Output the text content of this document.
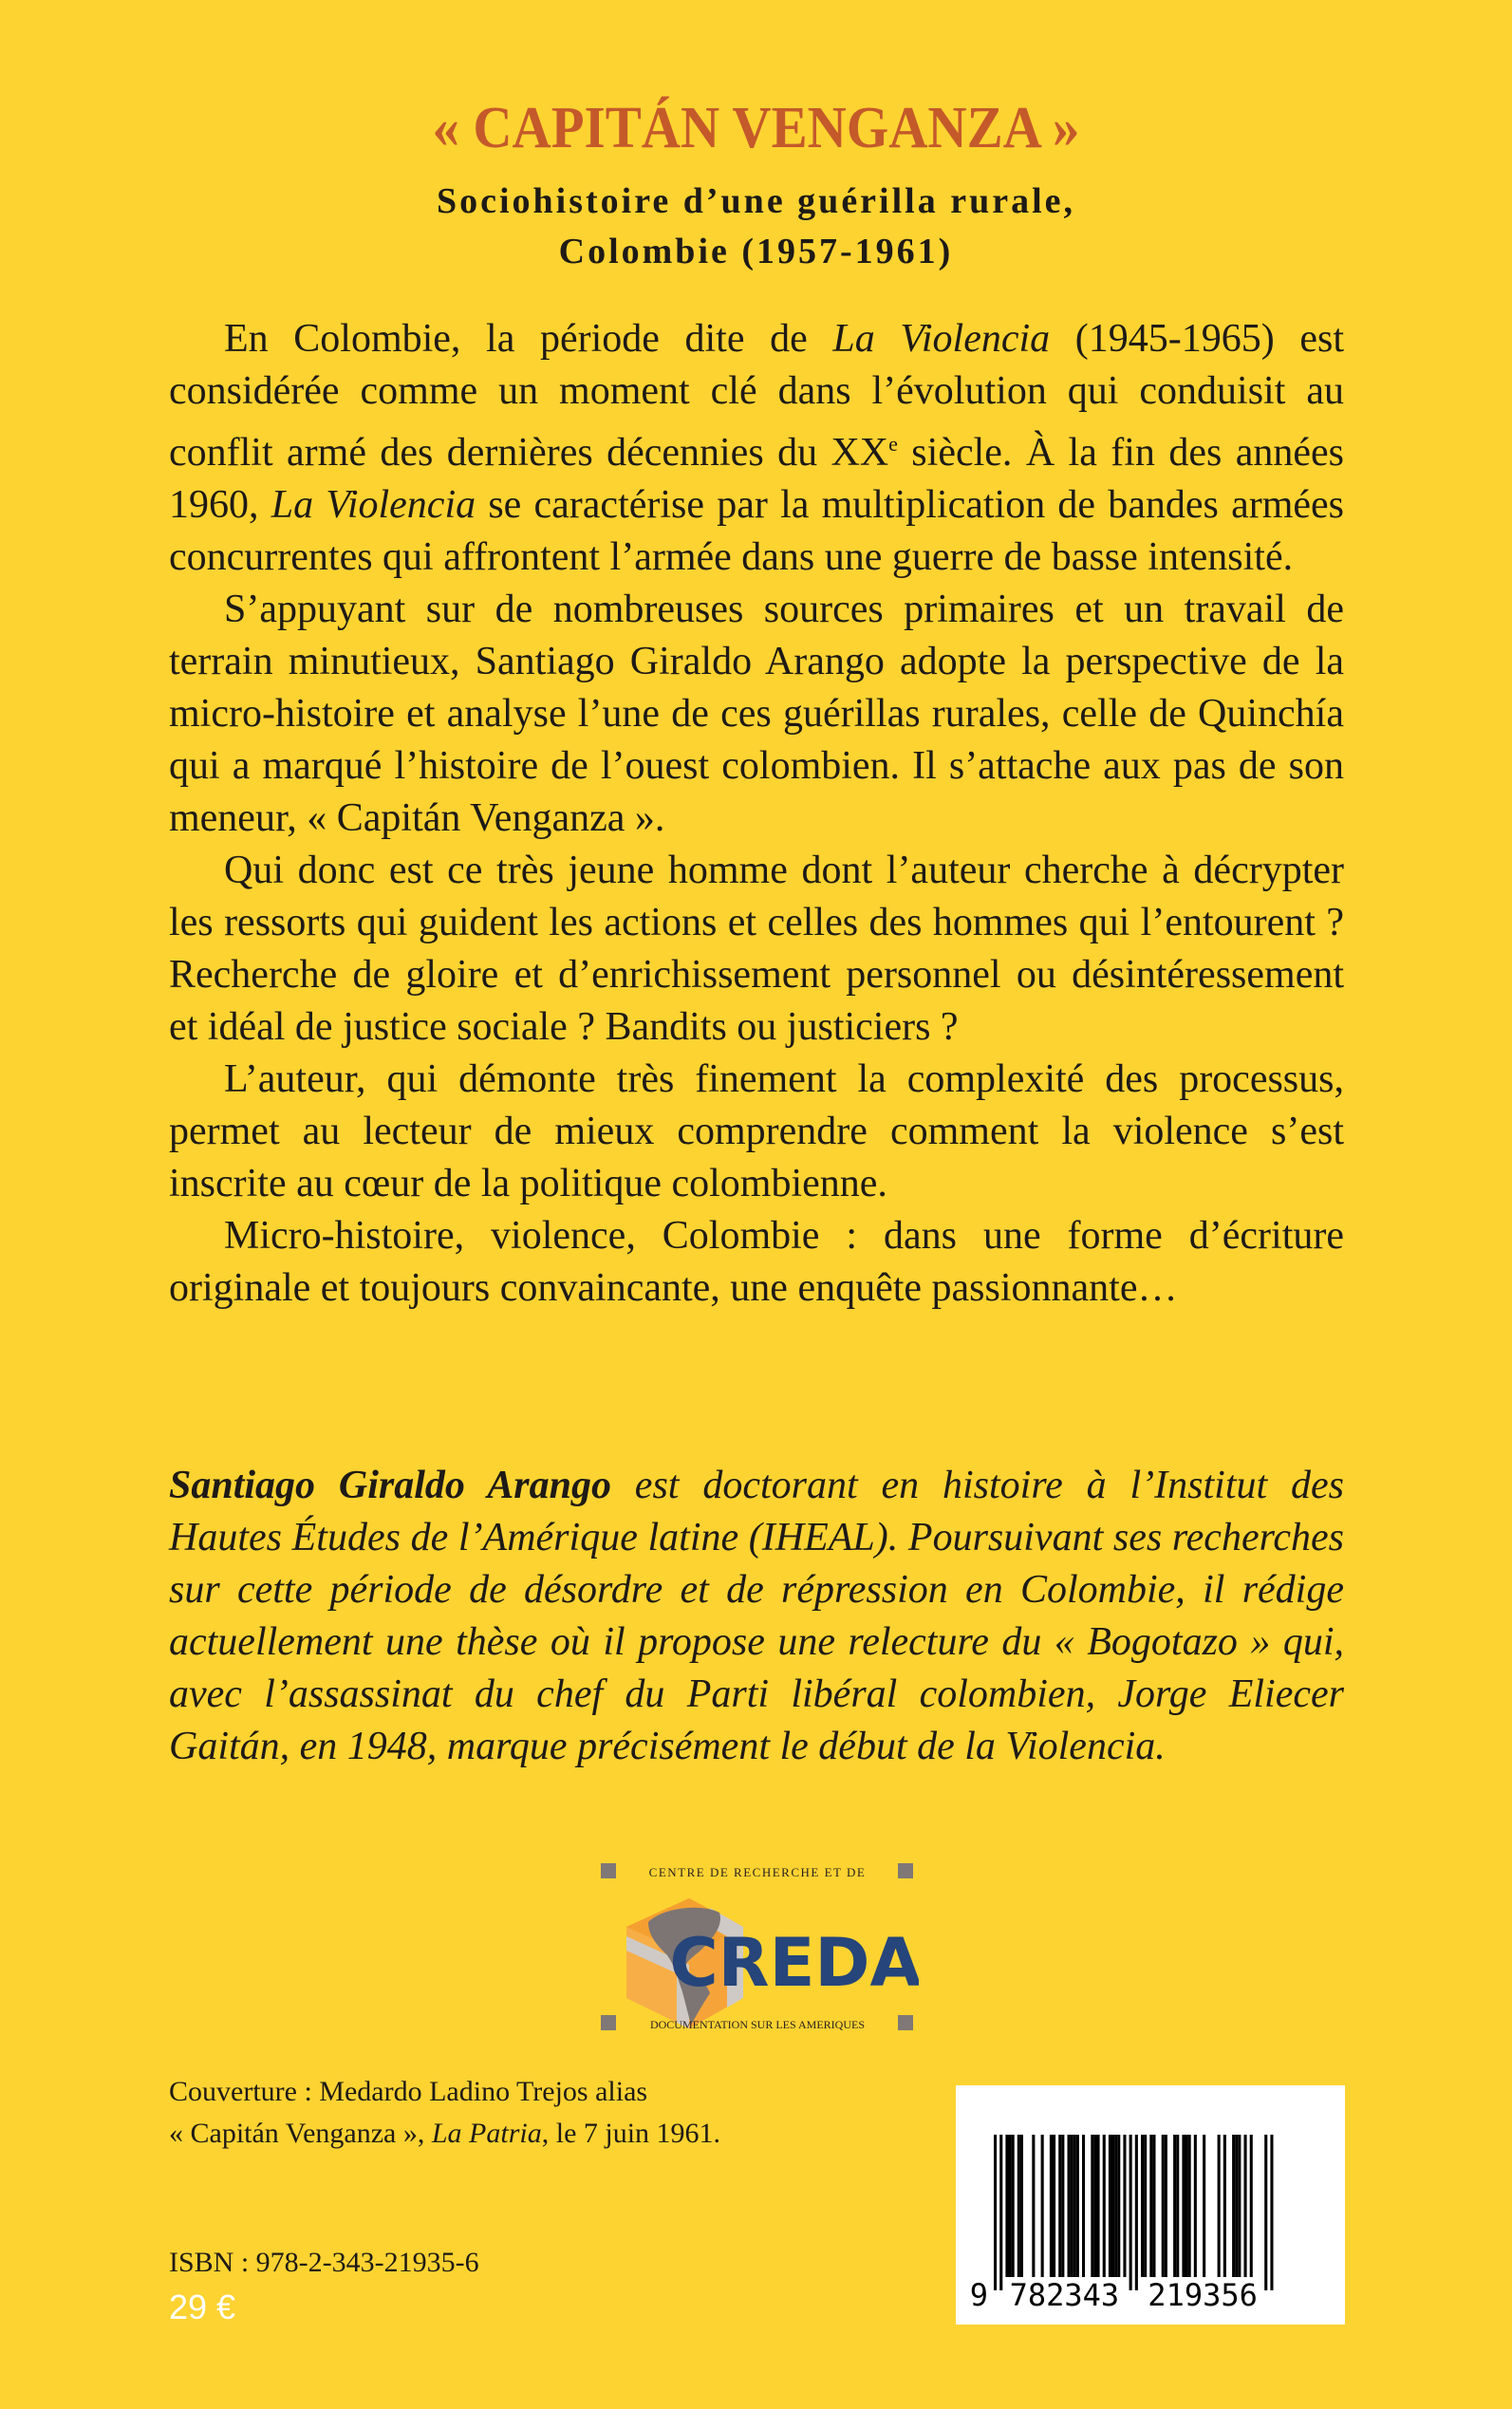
« CAPITÁN VENGANZA »
Sociohistoire d’une guérilla rurale,
Colombie (1957-1961)

En Colombie, la période dite de La Violencia (1945-1965) est considérée comme un moment clé dans l’évolution qui conduisit au conflit armé des dernières décennies du XXe siècle. À la fin des années 1960, La Violencia se caractérise par la multiplication de bandes armées concurrentes qui affrontent l’armée dans une guerre de basse intensité.

S’appuyant sur de nombreuses sources primaires et un travail de terrain minutieux, Santiago Giraldo Arango adopte la perspective de la micro-histoire et analyse l’une de ces guérillas rurales, celle de Quinchía qui a marqué l’histoire de l’ouest colombien. Il s’attache aux pas de son meneur, « Capitán Venganza ».

Qui donc est ce très jeune homme dont l’auteur cherche à décrypter les ressorts qui guident les actions et celles des hommes qui l’entourent ? Recherche de gloire et d’enrichissement personnel ou désintéressement et idéal de justice sociale ? Bandits ou justiciers ?

L’auteur, qui démonte très finement la complexité des processus, permet au lecteur de mieux comprendre comment la violence s’est inscrite au cœur de la politique colombienne.

Micro-histoire, violence, Colombie : dans une forme d’écriture originale et toujours convaincante, une enquête passionnante…

Santiago Giraldo Arango est doctorant en histoire à l’Institut des Hautes Études de l’Amérique latine (IHEAL). Poursuivant ses recherches sur cette période de désordre et de répression en Colombie, il rédige actuellement une thèse où il propose une relecture du « Bogotazo » qui, avec l’assassinat du chef du Parti libéral colombien, Jorge Eliecer Gaitán, en 1948, marque précisément le début de la Violencia.
CENTRE DE RECHERCHE ET DE
CREDA
DOCUMENTATION SUR LES AMERIQUES
Couverture : Medardo Ladino Trejos alias
« Capitán Venganza », La Patria, le 7 juin 1961.
ISBN : 978-2-343-21935-6
29 €	9 782343 219356
